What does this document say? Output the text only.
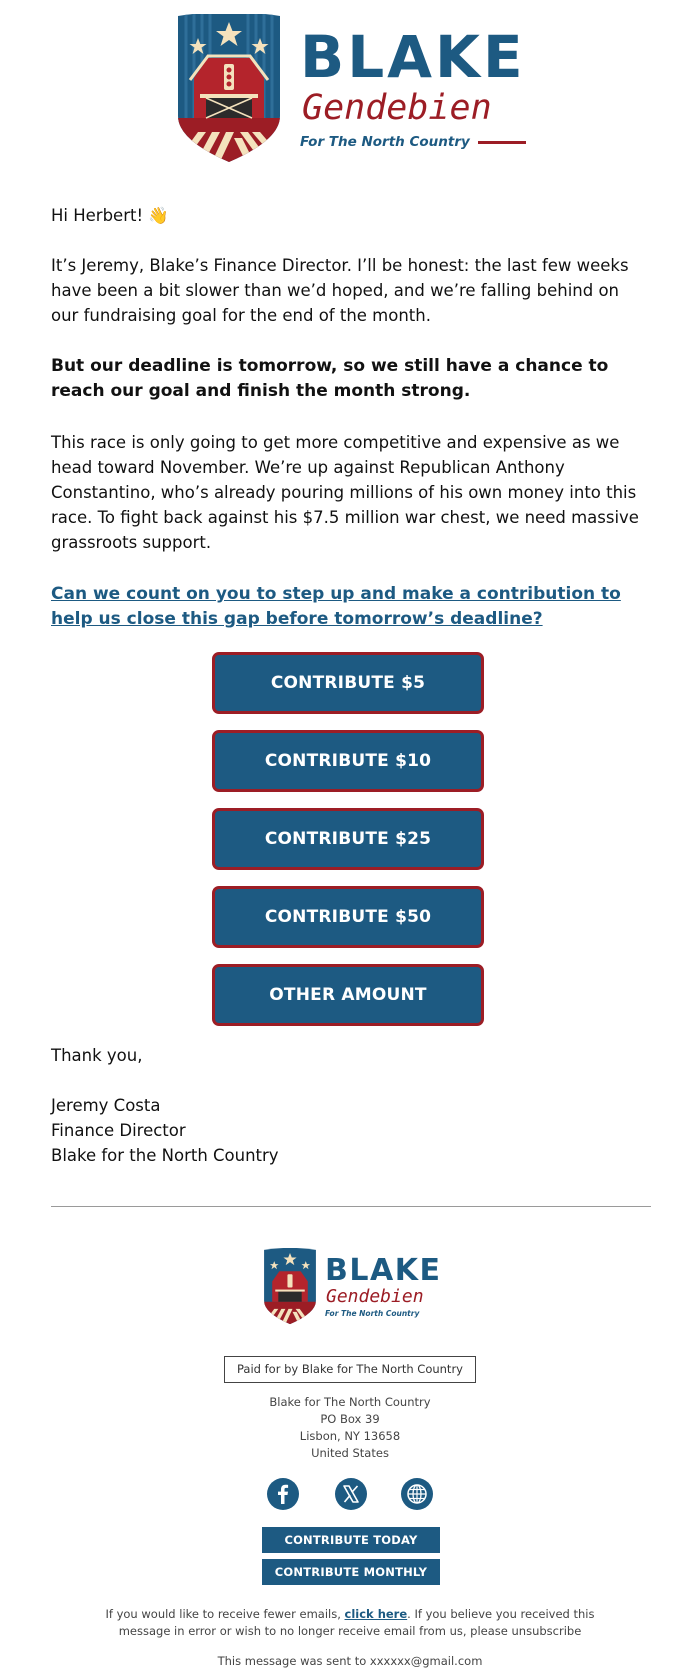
BLAKE
Gendebien
For The North Country

Hi Herbert! 👋

It’s Jeremy, Blake’s Finance Director. I’ll be honest: the last few weeks have been a bit slower than we’d hoped, and we’re falling behind on our fundraising goal for the end of the month.

But our deadline is tomorrow, so we still have a chance to reach our goal and finish the month strong.

This race is only going to get more competitive and expensive as we head toward November. We’re up against Republican Anthony Constantino, who’s already pouring millions of his own money into this race. To fight back against his $7.5 million war chest, we need massive grassroots support.

Can we count on you to step up and make a contribution to help us close this gap before tomorrow’s deadline?

CONTRIBUTE $5
CONTRIBUTE $10
CONTRIBUTE $25
CONTRIBUTE $50
OTHER AMOUNT

Thank you,

Jeremy Costa
Finance Director
Blake for the North Country
BLAKE
Gendebien
For The North Country
Paid for by Blake for The North Country
Blake for The North Country
PO Box 39
Lisbon, NY 13658
United States
CONTRIBUTE TODAY
CONTRIBUTE MONTHLY
If you would like to receive fewer emails, click here. If you believe you received this message in error or wish to no longer receive email from us, please unsubscribe
This message was sent to xxxxxx@gmail.com
